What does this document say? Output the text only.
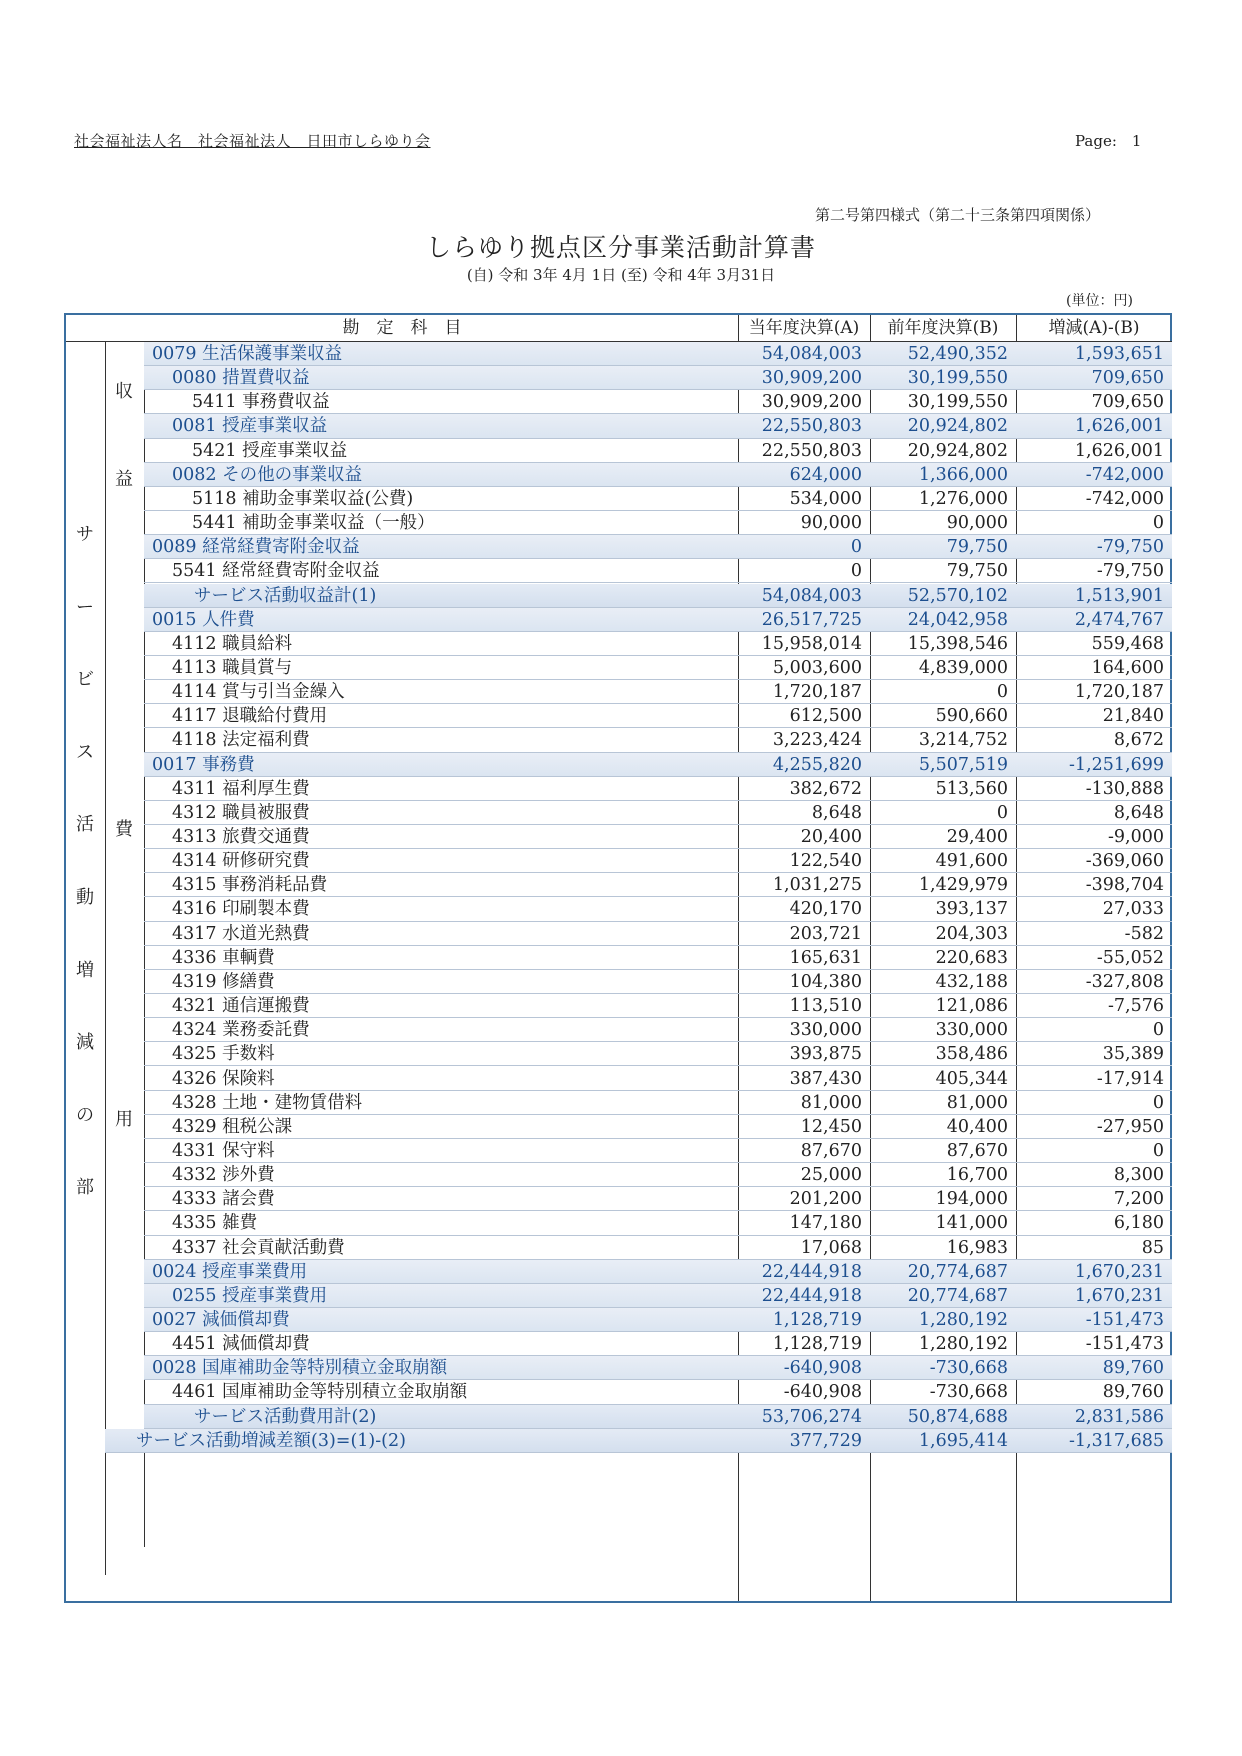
社会福祉法人名　社会福祉法人　日田市しらゆり会	Page:　1
第二号第四様式（第二十三条第四項関係）
しらゆり拠点区分事業活動計算書
(自) 令和 3年 4月 1日 (至) 令和 4年 3月31日
(単位：円)
勘　定　科　目	当年度決算(A)	前年度決算(B)	増減(A)-(B)
サ
ー
ビ
ス
活
動
増
減
の
部
収
益
費
用
0079 生活保護事業収益	54,084,003	52,490,352	1,593,651
0080 措置費収益	30,909,200	30,199,550	709,650
5411 事務費収益	30,909,200	30,199,550	709,650
0081 授産事業収益	22,550,803	20,924,802	1,626,001
5421 授産事業収益	22,550,803	20,924,802	1,626,001
0082 その他の事業収益	624,000	1,366,000	-742,000
5118 補助金事業収益(公費)	534,000	1,276,000	-742,000
5441 補助金事業収益（一般）	90,000	90,000	0
0089 経常経費寄附金収益	0	79,750	-79,750
5541 経常経費寄附金収益	0	79,750	-79,750
サービス活動収益計(1)	54,084,003	52,570,102	1,513,901
0015 人件費	26,517,725	24,042,958	2,474,767
4112 職員給料	15,958,014	15,398,546	559,468
4113 職員賞与	5,003,600	4,839,000	164,600
4114 賞与引当金繰入	1,720,187	0	1,720,187
4117 退職給付費用	612,500	590,660	21,840
4118 法定福利費	3,223,424	3,214,752	8,672
0017 事務費	4,255,820	5,507,519	-1,251,699
4311 福利厚生費	382,672	513,560	-130,888
4312 職員被服費	8,648	0	8,648
4313 旅費交通費	20,400	29,400	-9,000
4314 研修研究費	122,540	491,600	-369,060
4315 事務消耗品費	1,031,275	1,429,979	-398,704
4316 印刷製本費	420,170	393,137	27,033
4317 水道光熱費	203,721	204,303	-582
4336 車輌費	165,631	220,683	-55,052
4319 修繕費	104,380	432,188	-327,808
4321 通信運搬費	113,510	121,086	-7,576
4324 業務委託費	330,000	330,000	0
4325 手数料	393,875	358,486	35,389
4326 保険料	387,430	405,344	-17,914
4328 土地・建物賃借料	81,000	81,000	0
4329 租税公課	12,450	40,400	-27,950
4331 保守料	87,670	87,670	0
4332 渉外費	25,000	16,700	8,300
4333 諸会費	201,200	194,000	7,200
4335 雑費	147,180	141,000	6,180
4337 社会貢献活動費	17,068	16,983	85
0024 授産事業費用	22,444,918	20,774,687	1,670,231
0255 授産事業費用	22,444,918	20,774,687	1,670,231
0027 減価償却費	1,128,719	1,280,192	-151,473
4451 減価償却費	1,128,719	1,280,192	-151,473
0028 国庫補助金等特別積立金取崩額	-640,908	-730,668	89,760
4461 国庫補助金等特別積立金取崩額	-640,908	-730,668	89,760
サービス活動費用計(2)	53,706,274	50,874,688	2,831,586
サービス活動増減差額(3)=(1)-(2)	377,729	1,695,414	-1,317,685
